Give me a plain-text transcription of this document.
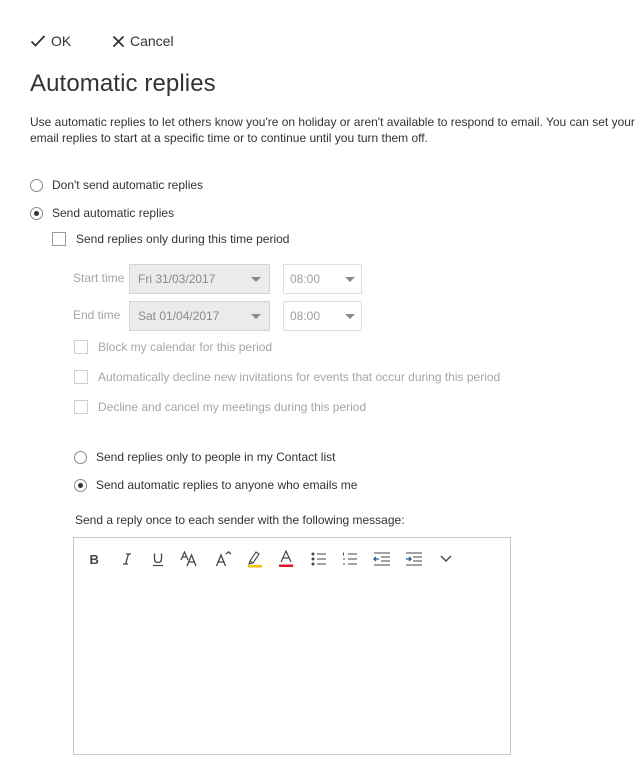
OK	Cancel
Automatic replies
Use automatic replies to let others know you're on holiday or aren't available to respond to email. You can set your
email replies to start at a specific time or to continue until you turn them off.
Don't send automatic replies
Send automatic replies
Send replies only during this time period
Start time Fri 31/03/2017	08:00
End time Sat 01/04/2017	08:00
Block my calendar for this period
Automatically decline new invitations for events that occur during this period
Decline and cancel my meetings during this period
Send replies only to people in my Contact list
Send automatic replies to anyone who emails me
Send a reply once to each sender with the following message:
B
